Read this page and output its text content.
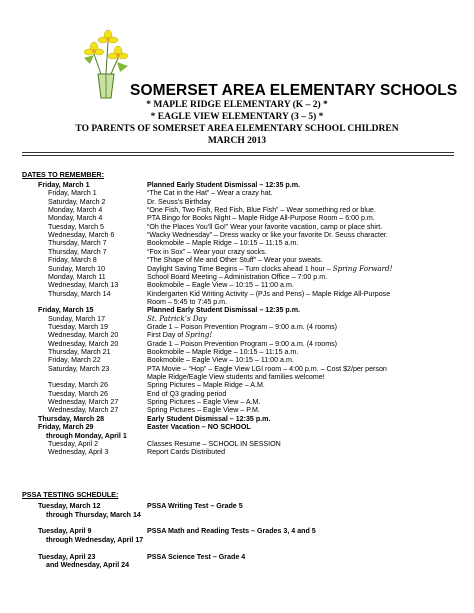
SOMERSET AREA ELEMENTARY SCHOOLS
* MAPLE RIDGE ELEMENTARY (K – 2) *
* EAGLE VIEW ELEMENTARY (3 – 5) *
TO PARENTS OF SOMERSET AREA ELEMENTARY SCHOOL CHILDREN
MARCH 2013
DATES TO REMEMBER:
Friday, March 1	Planned Early Student Dismissal – 12:35 p.m.
Friday, March 1	“The Cat in the Hat” – Wear a crazy hat.
Saturday, March 2	Dr. Seuss’s Birthday
Monday, March 4	“One Fish, Two Fish, Red Fish, Blue Fish” – Wear something red or blue.
Monday, March 4	PTA Bingo for Books Night – Maple Ridge All-Purpose Room – 6:00 p.m.
Tuesday, March 5	“Oh the Places You’ll Go!” Wear your favorite vacation, camp or place shirt.
Wednesday, March 6	“Wacky Wednesday” – Dress wacky or like your favorite Dr. Seuss character.
Thursday, March 7	Bookmobile – Maple Ridge – 10:15 – 11:15 a.m.
Thursday, March 7	“Fox in Sox” – Wear your crazy socks.
Friday, March 8	“The Shape of Me and Other Stuff” – Wear your sweats.
Sunday, March 10	Daylight Saving Time Begins – Turn clocks ahead 1 hour – Spring Forward!
Monday, March 11	School Board Meeting – Administration Office – 7:00 p.m.
Wednesday, March 13	Bookmobile – Eagle View – 10:15 – 11:00 a.m.
Thursday, March 14	Kindergarten Kid Writing Activity – (PJs and Pens) – Maple Ridge All-Purpose
Room – 5:45 to 7:45 p.m.
Friday, March 15	Planned Early Student Dismissal – 12:35 p.m.
Sunday, March 17	St. Patrick’s Day
Tuesday, March 19	Grade 1 – Poison Prevention Program – 9:00 a.m. (4 rooms)
Wednesday, March 20	First Day of Spring!
Wednesday, March 20	Grade 1 – Poison Prevention Program – 9:00 a.m. (4 rooms)
Thursday, March 21	Bookmobile – Maple Ridge – 10:15 – 11:15 a.m.
Friday, March 22	Bookmobile – Eagle View – 10:15 – 11:00 a.m.
Saturday, March 23	PTA Movie – “Hop” – Eagle View LGI room – 4:00 p.m. – Cost $2/per person
Maple Ridge/Eagle View students and families welcome!
Tuesday, March 26	Spring Pictures – Maple Ridge – A.M.
Tuesday, March 26	End of Q3 grading period
Wednesday, March 27	Spring Pictures – Eagle View – A.M.
Wednesday, March 27	Spring Pictures – Eagle View – P.M.
Thursday, March 28	Early Student Dismissal – 12:35 p.m.
Friday, March 29	Easter Vacation – NO SCHOOL
through Monday, April 1
Tuesday, April 2	Classes Resume – SCHOOL IN SESSION
Wednesday, April 3	Report Cards Distributed
PSSA TESTING SCHEDULE:
Tuesday, March 12	PSSA Writing Test – Grade 5
through Thursday, March 14
Tuesday, April 9	PSSA Math and Reading Tests – Grades 3, 4 and 5
through Wednesday, April 17
Tuesday, April 23	PSSA Science Test – Grade 4
and Wednesday, April 24
